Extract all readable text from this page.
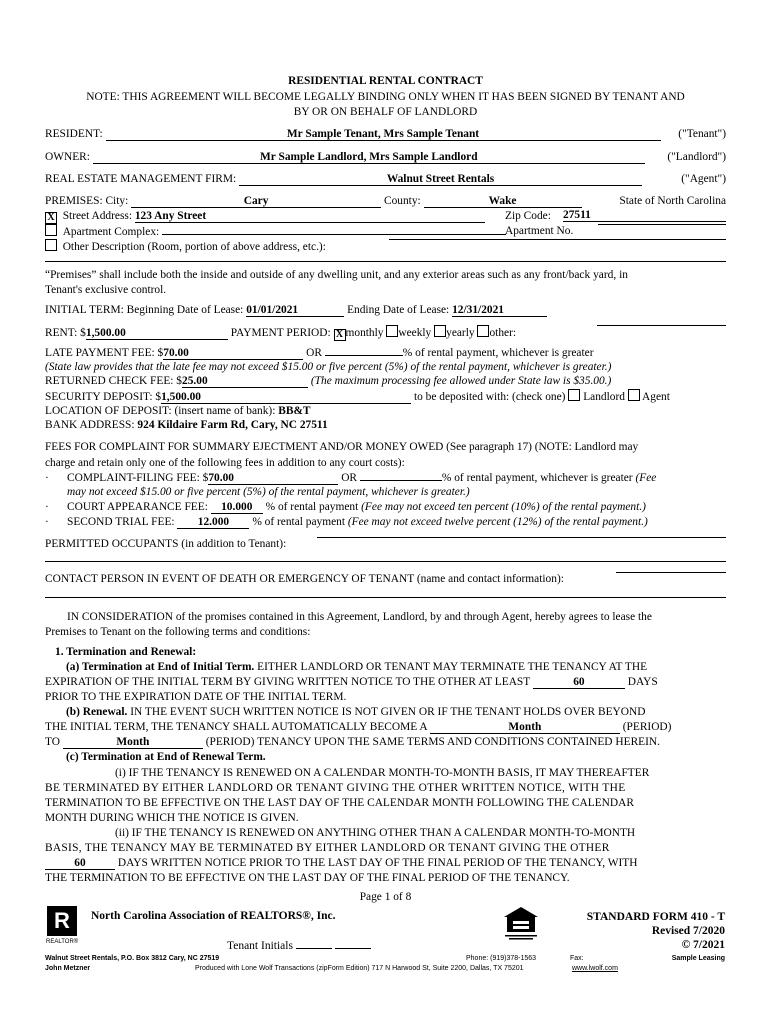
RESIDENTIAL RENTAL CONTRACT
NOTE: THIS AGREEMENT WILL BECOME LEGALLY BINDING ONLY WHEN IT HAS BEEN SIGNED BY TENANT AND
BY OR ON BEHALF OF LANDLORD
RESIDENT:	Mr Sample Tenant, Mrs Sample Tenant	("Tenant")
OWNER:	Mr Sample Landlord, Mrs Sample Landlord	("Landlord")
REAL ESTATE MANAGEMENT FIRM:	Walnut Street Rentals	("Agent")
PREMISES: City:	Cary	County:	Wake	State of North Carolina
X Street Address: 123 Any Street	Zip Code: 27511
Apartment Complex:	Apartment No.
Other Description (Room, portion of above address, etc.):
“Premises” shall include both the inside and outside of any dwelling unit, and any exterior areas such as any front/back yard, in
Tenant's exclusive control.
INITIAL TERM: Beginning Date of Lease: 01/01/2021	Ending Date of Lease: 12/31/2021
RENT: $1,500.00	PAYMENT PERIOD: X monthly weekly yearly other:
LATE PAYMENT FEE: $70.00	OR	% of rental payment, whichever is greater
(State law provides that the late fee may not exceed $15.00 or five percent (5%) of the rental payment, whichever is greater.)
RETURNED CHECK FEE: $25.00	(The maximum processing fee allowed under State law is $35.00.)
SECURITY DEPOSIT: $1,500.00	to be deposited with: (check one) Landlord Agent
LOCATION OF DEPOSIT: (insert name of bank): BB&T
BANK ADDRESS: 924 Kildaire Farm Rd, Cary, NC 27511
FEES FOR COMPLAINT FOR SUMMARY EJECTMENT AND/OR MONEY OWED (See paragraph 17) (NOTE: Landlord may
charge and retain only one of the following fees in addition to any court costs):
· COMPLAINT-FILING FEE: $70.00	OR	% of rental payment, whichever is greater (Fee
may not exceed $15.00 or five percent (5%) of the rental payment, whichever is greater.)
· COURT APPEARANCE FEE: 10.000 % of rental payment (Fee may not exceed ten percent (10%) of the rental payment.)
· SECOND TRIAL FEE: 12.000 % of rental payment (Fee may not exceed twelve percent (12%) of the rental payment.)
PERMITTED OCCUPANTS (in addition to Tenant):
CONTACT PERSON IN EVENT OF DEATH OR EMERGENCY OF TENANT (name and contact information):
IN CONSIDERATION of the promises contained in this Agreement, Landlord, by and through Agent, hereby agrees to lease the
Premises to Tenant on the following terms and conditions:
1. Termination and Renewal:
(a) Termination at End of Initial Term. EITHER LANDLORD OR TENANT MAY TERMINATE THE TENANCY AT THE
EXPIRATION OF THE INITIAL TERM BY GIVING WRITTEN NOTICE TO THE OTHER AT LEAST	60	DAYS
PRIOR TO THE EXPIRATION DATE OF THE INITIAL TERM.
(b) Renewal. IN THE EVENT SUCH WRITTEN NOTICE IS NOT GIVEN OR IF THE TENANT HOLDS OVER BEYOND
THE INITIAL TERM, THE TENANCY SHALL AUTOMATICALLY BECOME A	Month	(PERIOD)
TO	Month	(PERIOD) TENANCY UPON THE SAME TERMS AND CONDITIONS CONTAINED HEREIN.
(c) Termination at End of Renewal Term.
(i) IF THE TENANCY IS RENEWED ON A CALENDAR MONTH-TO-MONTH BASIS, IT MAY THEREAFTER
BE TERMINATED BY EITHER LANDLORD OR TENANT GIVING THE OTHER WRITTEN NOTICE, WITH THE
TERMINATION TO BE EFFECTIVE ON THE LAST DAY OF THE CALENDAR MONTH FOLLOWING THE CALENDAR
MONTH DURING WHICH THE NOTICE IS GIVEN.
(ii) IF THE TENANCY IS RENEWED ON ANYTHING OTHER THAN A CALENDAR MONTH-TO-MONTH
BASIS, THE TENANCY MAY BE TERMINATED BY EITHER LANDLORD OR TENANT GIVING THE OTHER
60	DAYS WRITTEN NOTICE PRIOR TO THE LAST DAY OF THE FINAL PERIOD OF THE TENANCY, WITH
THE TERMINATION TO BE EFFECTIVE ON THE LAST DAY OF THE FINAL PERIOD OF THE TENANCY.
Page 1 of 8
R
REALTOR®
North Carolina Association of REALTORS®, Inc.
Tenant Initials
STANDARD FORM 410 - T
Revised 7/2020
© 7/2021
Walnut Street Rentals, P.O. Box 3812 Cary, NC 27519
John Metzner
Phone: (919)378-1563	Fax:	Sample Leasing
Produced with Lone Wolf Transactions (zipForm Edition) 717 N Harwood St, Suite 2200, Dallas, TX 75201	www.lwolf.com
